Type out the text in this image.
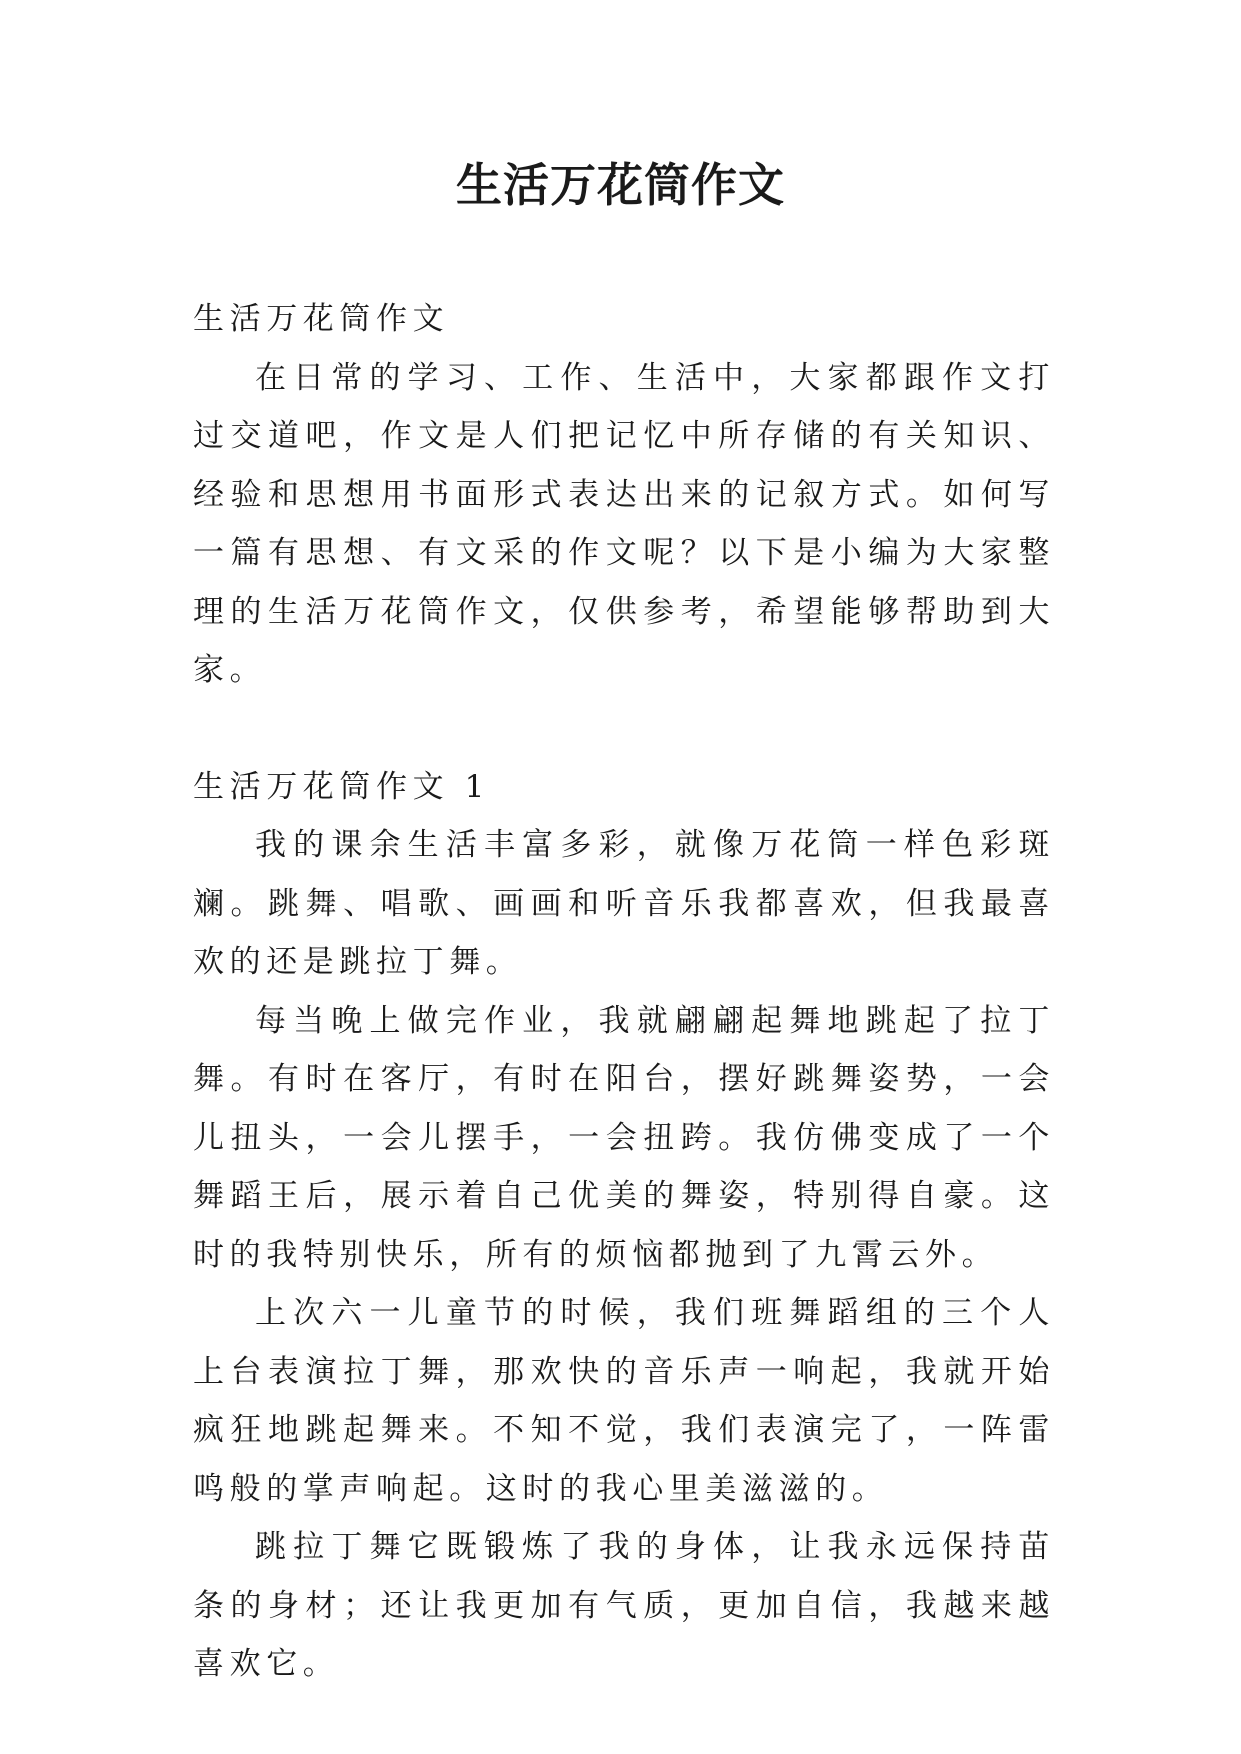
生活万花筒作文

生活万花筒作文

在日常的学习、工作、生活中，大家都跟作文打过交道吧，作文是人们把记忆中所存储的有关知识、经验和思想用书面形式表达出来的记叙方式。如何写一篇有思想、有文采的作文呢？以下是小编为大家整理的生活万花筒作文，仅供参考，希望能够帮助到大家。

生活万花筒作文 1

我的课余生活丰富多彩，就像万花筒一样色彩斑斓。跳舞、唱歌、画画和听音乐我都喜欢，但我最喜欢的还是跳拉丁舞。

每当晚上做完作业，我就翩翩起舞地跳起了拉丁舞。有时在客厅，有时在阳台，摆好跳舞姿势，一会儿扭头，一会儿摆手，一会扭跨。我仿佛变成了一个舞蹈王后，展示着自己优美的舞姿，特别得自豪。这时的我特别快乐，所有的烦恼都抛到了九霄云外。

上次六一儿童节的时候，我们班舞蹈组的三个人上台表演拉丁舞，那欢快的音乐声一响起，我就开始疯狂地跳起舞来。不知不觉，我们表演完了，一阵雷鸣般的掌声响起。这时的我心里美滋滋的。

跳拉丁舞它既锻炼了我的身体，让我永远保持苗条的身材；还让我更加有气质，更加自信，我越来越喜欢它。
